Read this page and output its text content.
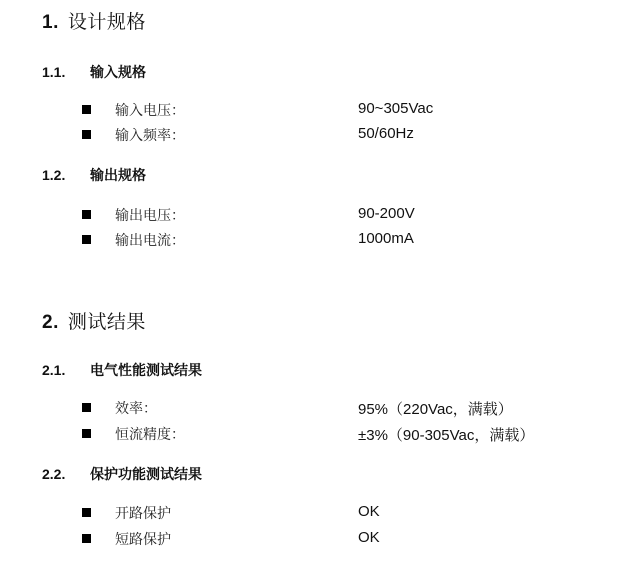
1. 设计规格
1.1. 输入规格
输入电压：	90~305Vac
输入频率：	50/60Hz
1.2. 输出规格
输出电压：	90-200V
输出电流：	1000mA
2. 测试结果
2.1. 电气性能测试结果
效率：	95%（220Vac，满载）
恒流精度：	±3%（90-305Vac，满载）
2.2. 保护功能测试结果
开路保护	OK
短路保护	OK
